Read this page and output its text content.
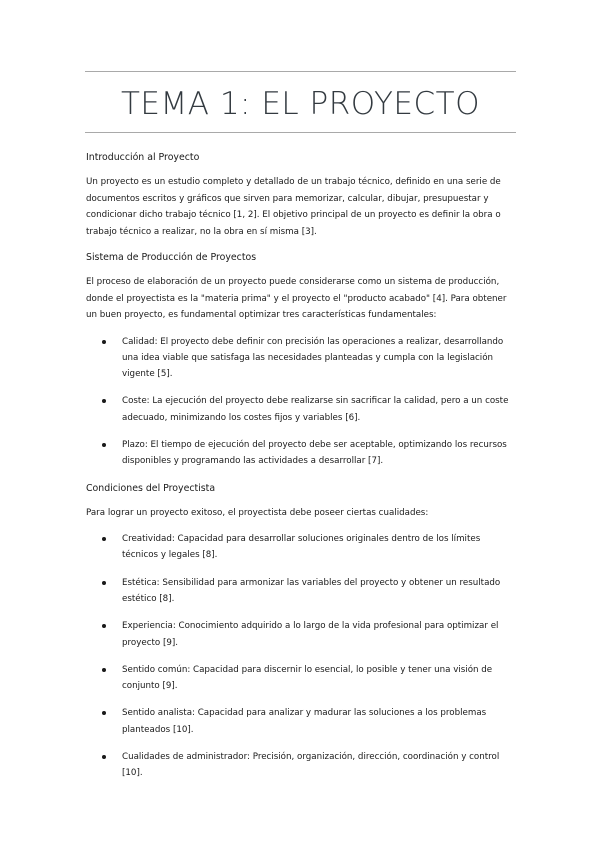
TEMA 1: EL PROYECTO
Introducción al Proyecto
Un proyecto es un estudio completo y detallado de un trabajo técnico, definido en una serie de documentos escritos y gráficos que sirven para memorizar, calcular, dibujar, presupuestar y condicionar dicho trabajo técnico [1, 2]. El objetivo principal de un proyecto es definir la obra o trabajo técnico a realizar, no la obra en sí misma [3].
Sistema de Producción de Proyectos
El proceso de elaboración de un proyecto puede considerarse como un sistema de producción, donde el proyectista es la "materia prima" y el proyecto el "producto acabado" [4]. Para obtener un buen proyecto, es fundamental optimizar tres características fundamentales:
Calidad: El proyecto debe definir con precisión las operaciones a realizar, desarrollando una idea viable que satisfaga las necesidades planteadas y cumpla con la legislación vigente [5].
Coste: La ejecución del proyecto debe realizarse sin sacrificar la calidad, pero a un coste adecuado, minimizando los costes fijos y variables [6].
Plazo: El tiempo de ejecución del proyecto debe ser aceptable, optimizando los recursos disponibles y programando las actividades a desarrollar [7].
Condiciones del Proyectista
Para lograr un proyecto exitoso, el proyectista debe poseer ciertas cualidades:
Creatividad: Capacidad para desarrollar soluciones originales dentro de los límites técnicos y legales [8].
Estética: Sensibilidad para armonizar las variables del proyecto y obtener un resultado estético [8].
Experiencia: Conocimiento adquirido a lo largo de la vida profesional para optimizar el proyecto [9].
Sentido común: Capacidad para discernir lo esencial, lo posible y tener una visión de conjunto [9].
Sentido analista: Capacidad para analizar y madurar las soluciones a los problemas planteados [10].
Cualidades de administrador: Precisión, organización, dirección, coordinación y control [10].
